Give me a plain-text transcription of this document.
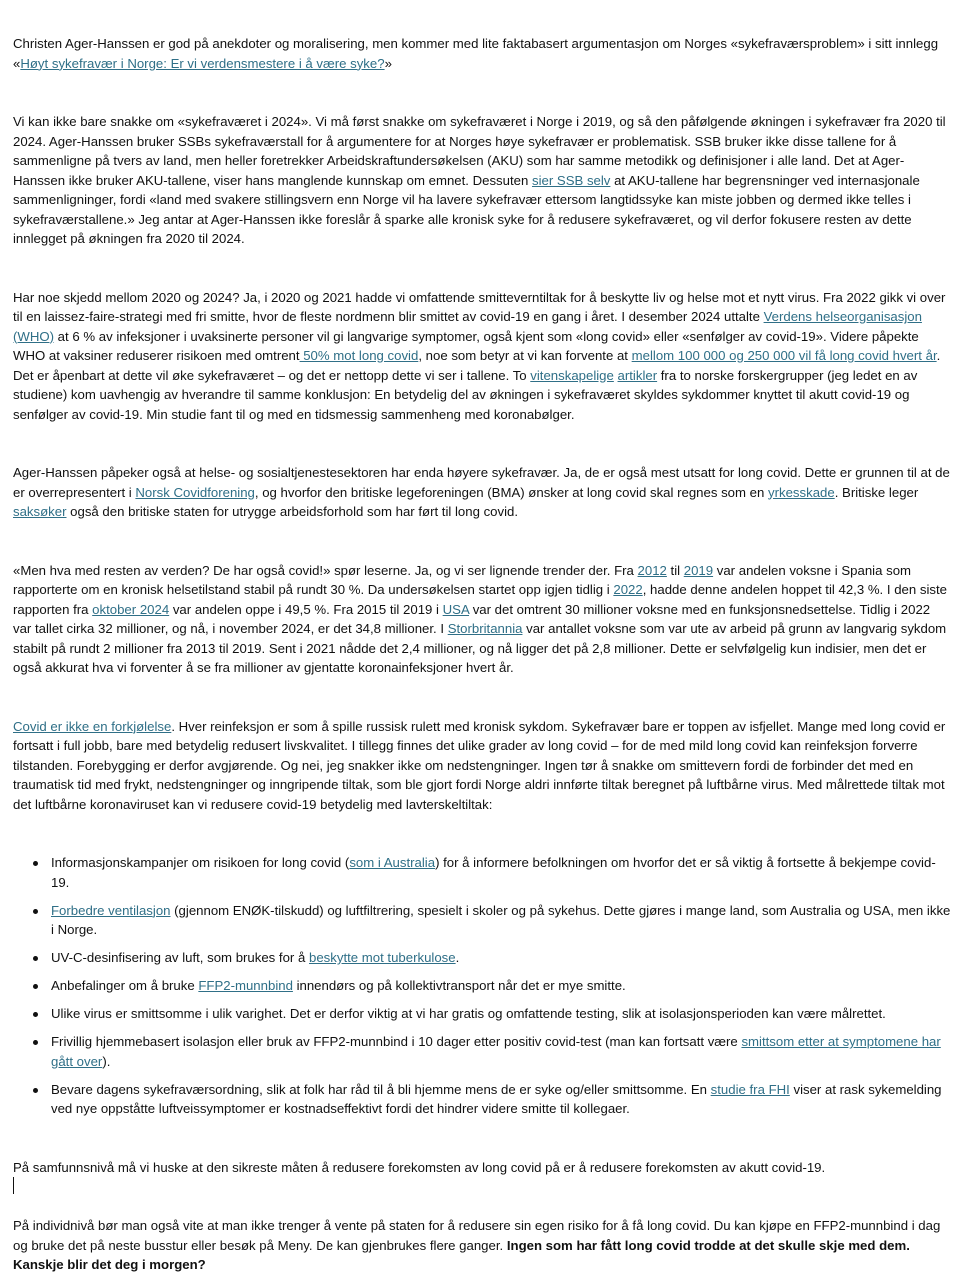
Christen Ager-Hanssen er god på anekdoter og moralisering, men kommer med lite faktabasert argumentasjon om Norges «sykefraværsproblem» i sitt innlegg «Høyt sykefravær i Norge: Er vi verdensmestere i å være syke?»

Vi kan ikke bare snakke om «sykefraværet i 2024». Vi må først snakke om sykefraværet i Norge i 2019, og så den påfølgende økningen i sykefravær fra 2020 til 2024. Ager-Hanssen bruker SSBs sykefraværstall for å argumentere for at Norges høye sykefravær er problematisk. SSB bruker ikke disse tallene for å sammenligne på tvers av land, men heller foretrekker Arbeidskraftundersøkelsen (AKU) som har samme metodikk og definisjoner i alle land. Det at Ager-Hanssen ikke bruker AKU-tallene, viser hans manglende kunnskap om emnet. Dessuten sier SSB selv at AKU-tallene har begrensninger ved internasjonale sammenligninger, fordi «land med svakere stillingsvern enn Norge vil ha lavere sykefravær ettersom langtidssyke kan miste jobben og dermed ikke telles i sykefraværstallene.» Jeg antar at Ager-Hanssen ikke foreslår å sparke alle kronisk syke for å redusere sykefraværet, og vil derfor fokusere resten av dette innlegget på økningen fra 2020 til 2024.

Har noe skjedd mellom 2020 og 2024? Ja, i 2020 og 2021 hadde vi omfattende smitteverntiltak for å beskytte liv og helse mot et nytt virus. Fra 2022 gikk vi over til en laissez-faire-strategi med fri smitte, hvor de fleste nordmenn blir smittet av covid-19 en gang i året. I desember 2024 uttalte Verdens helseorganisasjon (WHO) at 6 % av infeksjoner i uvaksinerte personer vil gi langvarige symptomer, også kjent som «long covid» eller «senfølger av covid-19». Videre påpekte WHO at vaksiner reduserer risikoen med omtrent 50% mot long covid, noe som betyr at vi kan forvente at mellom 100 000 og 250 000 vil få long covid hvert år. Det er åpenbart at dette vil øke sykefraværet – og det er nettopp dette vi ser i tallene. To vitenskapelige artikler fra to norske forskergrupper (jeg ledet en av studiene) kom uavhengig av hverandre til samme konklusjon: En betydelig del av økningen i sykefraværet skyldes sykdommer knyttet til akutt covid-19 og senfølger av covid-19. Min studie fant til og med en tidsmessig sammenheng med koronabølger.

Ager-Hanssen påpeker også at helse- og sosialtjenestesektoren har enda høyere sykefravær. Ja, de er også mest utsatt for long covid. Dette er grunnen til at de er overrepresentert i Norsk Covidforening, og hvorfor den britiske legeforeningen (BMA) ønsker at long covid skal regnes som en yrkesskade. Britiske leger saksøker også den britiske staten for utrygge arbeidsforhold som har ført til long covid.

«Men hva med resten av verden? De har også covid!» spør leserne. Ja, og vi ser lignende trender der. Fra 2012 til 2019 var andelen voksne i Spania som rapporterte om en kronisk helsetilstand stabil på rundt 30 %. Da undersøkelsen startet opp igjen tidlig i 2022, hadde denne andelen hoppet til 42,3 %. I den siste rapporten fra oktober 2024 var andelen oppe i 49,5 %. Fra 2015 til 2019 i USA var det omtrent 30 millioner voksne med en funksjonsnedsettelse. Tidlig i 2022 var tallet cirka 32 millioner, og nå, i november 2024, er det 34,8 millioner. I Storbritannia var antallet voksne som var ute av arbeid på grunn av langvarig sykdom stabilt på rundt 2 millioner fra 2013 til 2019. Sent i 2021 nådde det 2,4 millioner, og nå ligger det på 2,8 millioner. Dette er selvfølgelig kun indisier, men det er også akkurat hva vi forventer å se fra millioner av gjentatte koronainfeksjoner hvert år.

Covid er ikke en forkjølelse. Hver reinfeksjon er som å spille russisk rulett med kronisk sykdom. Sykefravær bare er toppen av isfjellet. Mange med long covid er fortsatt i full jobb, bare med betydelig redusert livskvalitet. I tillegg finnes det ulike grader av long covid – for de med mild long covid kan reinfeksjon forverre tilstanden. Forebygging er derfor avgjørende. Og nei, jeg snakker ikke om nedstengninger. Ingen tør å snakke om smittevern fordi de forbinder det med en traumatisk tid med frykt, nedstengninger og inngripende tiltak, som ble gjort fordi Norge aldri innførte tiltak beregnet på luftbårne virus. Med målrettede tiltak mot det luftbårne koronaviruset kan vi redusere covid-19 betydelig med lavterskeltiltak:

Informasjonskampanjer om risikoen for long covid (som i Australia) for å informere befolkningen om hvorfor det er så viktig å fortsette å bekjempe covid-19.
Forbedre ventilasjon (gjennom ENØK-tilskudd) og luftfiltrering, spesielt i skoler og på sykehus. Dette gjøres i mange land, som Australia og USA, men ikke i Norge.
UV-C-desinfisering av luft, som brukes for å beskytte mot tuberkulose.
Anbefalinger om å bruke FFP2-munnbind innendørs og på kollektivtransport når det er mye smitte.
Ulike virus er smittsomme i ulik varighet. Det er derfor viktig at vi har gratis og omfattende testing, slik at isolasjonsperioden kan være målrettet.
Frivillig hjemmebasert isolasjon eller bruk av FFP2-munnbind i 10 dager etter positiv covid-test (man kan fortsatt være smittsom etter at symptomene har gått over).
Bevare dagens sykefraværsordning, slik at folk har råd til å bli hjemme mens de er syke og/eller smittsomme. En studie fra FHI viser at rask sykemelding ved nye oppståtte luftveissymptomer er kostnadseffektivt fordi det hindrer videre smitte til kollegaer.

På samfunnsnivå må vi huske at den sikreste måten å redusere forekomsten av long covid på er å redusere forekomsten av akutt covid-19.

På individnivå bør man også vite at man ikke trenger å vente på staten for å redusere sin egen risiko for å få long covid. Du kan kjøpe en FFP2-munnbind i dag og bruke det på neste busstur eller besøk på Meny. De kan gjenbrukes flere ganger. Ingen som har fått long covid trodde at det skulle skje med dem. Kanskje blir det deg i morgen?
